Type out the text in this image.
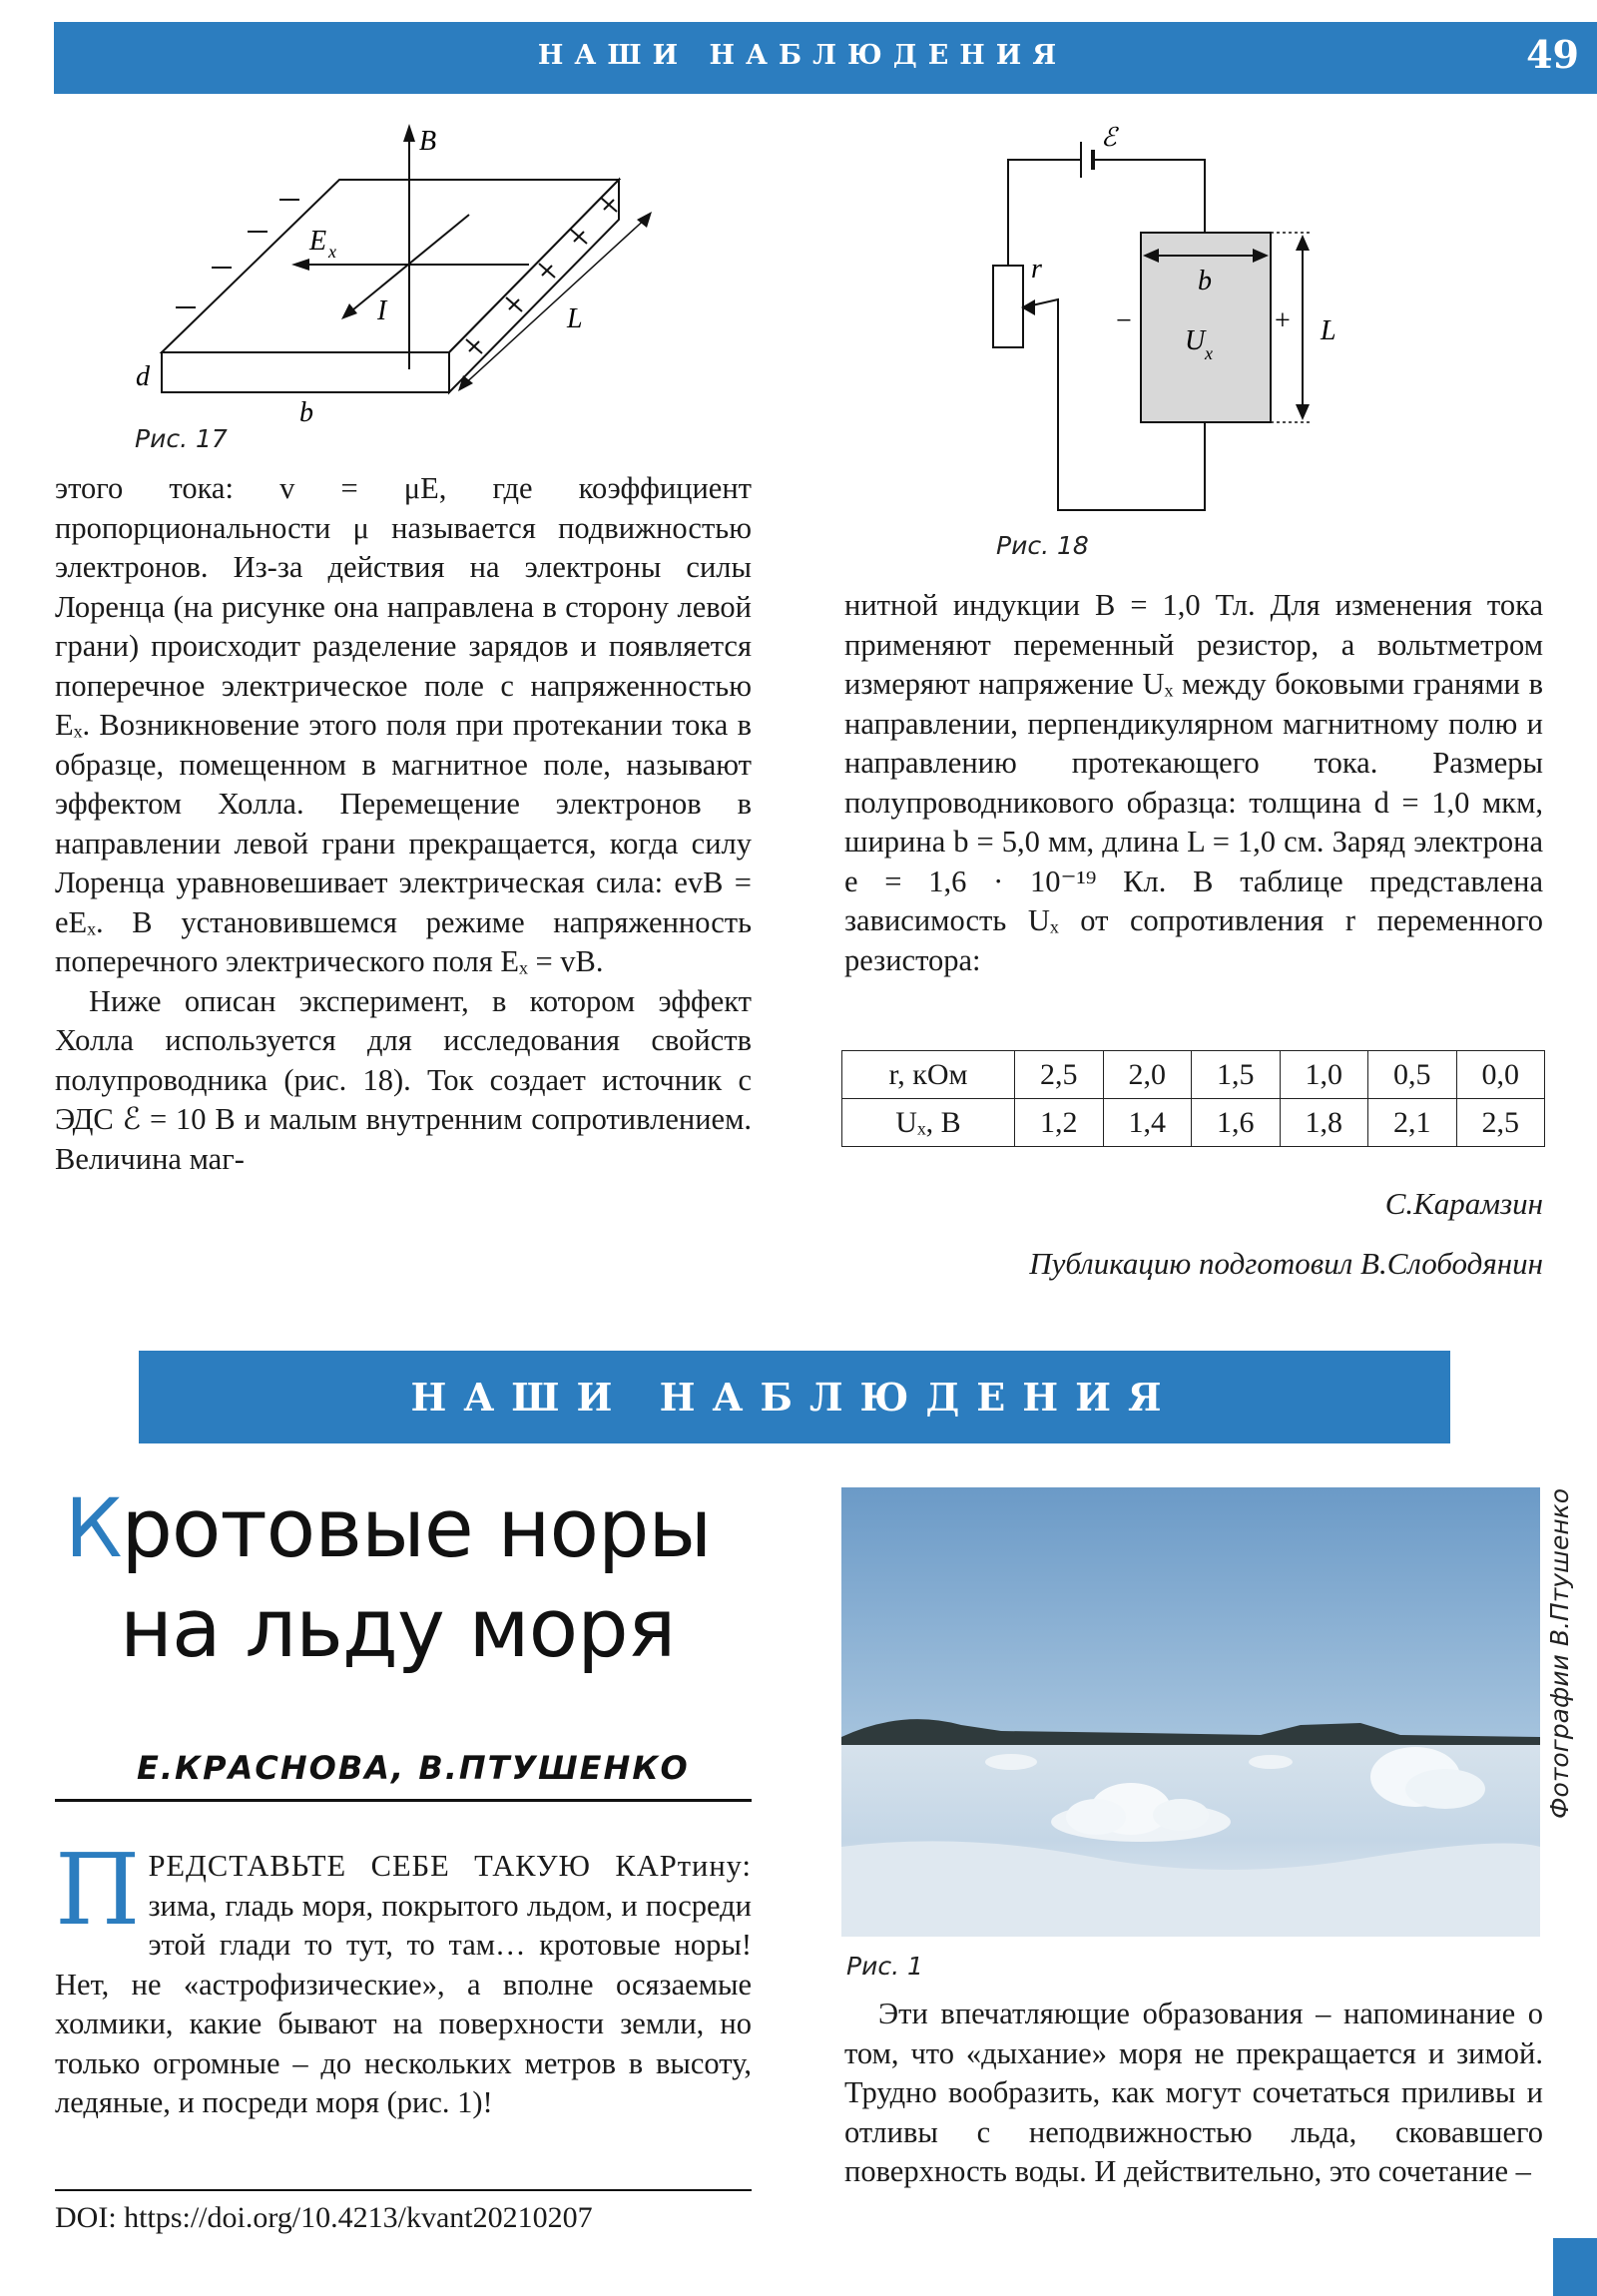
НАШИ НАБЛЮДЕНИЯ	49
B
E x
I	L
d
b
Рис. 17
ℰ
r	b
U x
−	+ L
Рис. 18

этого тока: v = μE, где коэффициент пропорциональности μ называется подвижностью электронов. Из-за действия на электроны силы Лоренца (на рисунке она направлена в сторону левой грани) происходит разделение зарядов и появляется поперечное электрическое поле с напряженностью Eₓ. Возникновение этого поля при протекании тока в образце, помещенном в магнитное поле, называют эффектом Холла. Перемещение электронов в направлении левой грани прекращается, когда силу Лоренца уравновешивает электрическая сила: evB = eEₓ. В установившемся режиме напряженность поперечного электрического поля Eₓ = vB.

Ниже описан эксперимент, в котором эффект Холла используется для исследования свойств полупроводника (рис. 18). Ток создает источник с ЭДС ℰ = 10 В и малым внутренним сопротивлением. Величина маг-

нитной индукции B = 1,0 Тл. Для изменения тока применяют переменный резистор, а вольтметром измеряют напряжение Uₓ между боковыми гранями в направлении, перпендикулярном магнитному полю и направлению протекающего тока. Размеры полупроводникового образца: толщина d = 1,0 мкм, ширина b = 5,0 мм, длина L = 1,0 см. Заряд электрона e = 1,6 · 10⁻¹⁹ Кл. В таблице представлена зависимость Uₓ от сопротивления r переменного резистора:

r, кОм	2,5	2,0	1,5	1,0	0,5	0,0
Uₓ, В	1,2	1,4	1,6	1,8	2,1	2,5
С.Карамзин
Публикацию подготовил В.Слободянин
НАШИ НАБЛЮДЕНИЯ
Кротовые норы
на льду моря
Е.КРАСНОВА, В.ПТУШЕНКО

ПРЕДСТАВЬТЕ СЕБЕ ТАКУЮ КАРтину: зима, гладь моря, покрытого льдом, и посреди этой глади то тут, то там… кротовые норы! Нет, не «астрофизические», а вполне осязаемые холмики, какие бывают на поверхности земли, но только огромные – до нескольких метров в высоту, ледяные, и посреди моря (рис. 1)!

DOI: https://doi.org/10.4213/kvant20210207
Фотографии В.Птушенко
Рис. 1

Эти впечатляющие образования – напоминание о том, что «дыхание» моря не прекращается и зимой. Трудно вообразить, как могут сочетаться приливы и отливы с неподвижностью льда, сковавшего поверхность воды. И действительно, это сочетание –
